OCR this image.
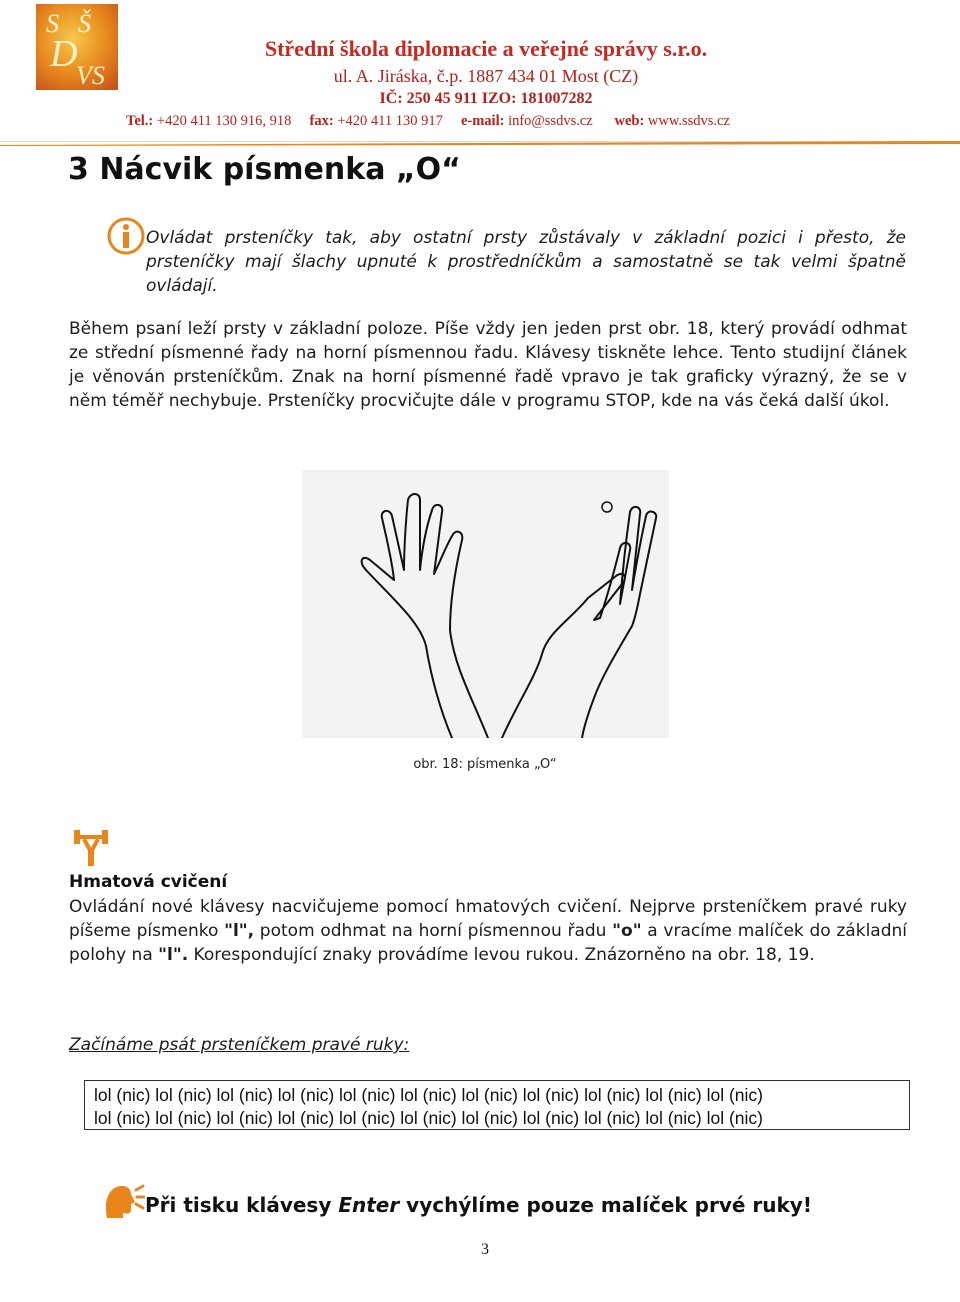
S Š
D
VS
Střední škola diplomacie a veřejné správy s.r.o.
ul. A. Jiráska, č.p. 1887 434 01 Most (CZ)
IČ: 250 45 911 IZO: 181007282
Tel.: +420 411 130 916, 918 fax: +420 411 130 917 e-mail: info@ssdvs.cz web: www.ssdvs.cz
3 Nácvik písmenka „O“
Ovládat prsteníčky tak, aby ostatní prsty zůstávaly v základní pozici i přesto, že prsteníčky mají šlachy upnuté k prostředníčkům a samostatně se tak velmi špatně ovládají.
Během psaní leží prsty v základní poloze. Píše vždy jen jeden prst obr. 18, který provádí odhmat ze střední písmenné řady na horní písmennou řadu. Klávesy tiskněte lehce. Tento studijní článek je věnován prsteníčkům. Znak na horní písmenné řadě vpravo je tak graficky výrazný, že se v něm téměř nechybuje. Prsteníčky procvičujte dále v programu STOP, kde na vás čeká další úkol.
obr. 18: písmenka „O“
Hmatová cvičení
Ovládání nové klávesy nacvičujeme pomocí hmatových cvičení. Nejprve prsteníčkem pravé ruky píšeme písmenko "l", potom odhmat na horní písmennou řadu "o" a vracíme malíček do základní polohy na "l". Korespondující znaky provádíme levou rukou. Znázorněno na obr. 18, 19.
Začínáme psát prsteníčkem pravé ruky:
lol (nic) lol (nic) lol (nic) lol (nic) lol (nic) lol (nic) lol (nic) lol (nic) lol (nic) lol (nic) lol (nic)
lol (nic) lol (nic) lol (nic) lol (nic) lol (nic) lol (nic) lol (nic) lol (nic) lol (nic) lol (nic) lol (nic)
Při tisku klávesy Enter vychýlíme pouze malíček prvé ruky!
3
